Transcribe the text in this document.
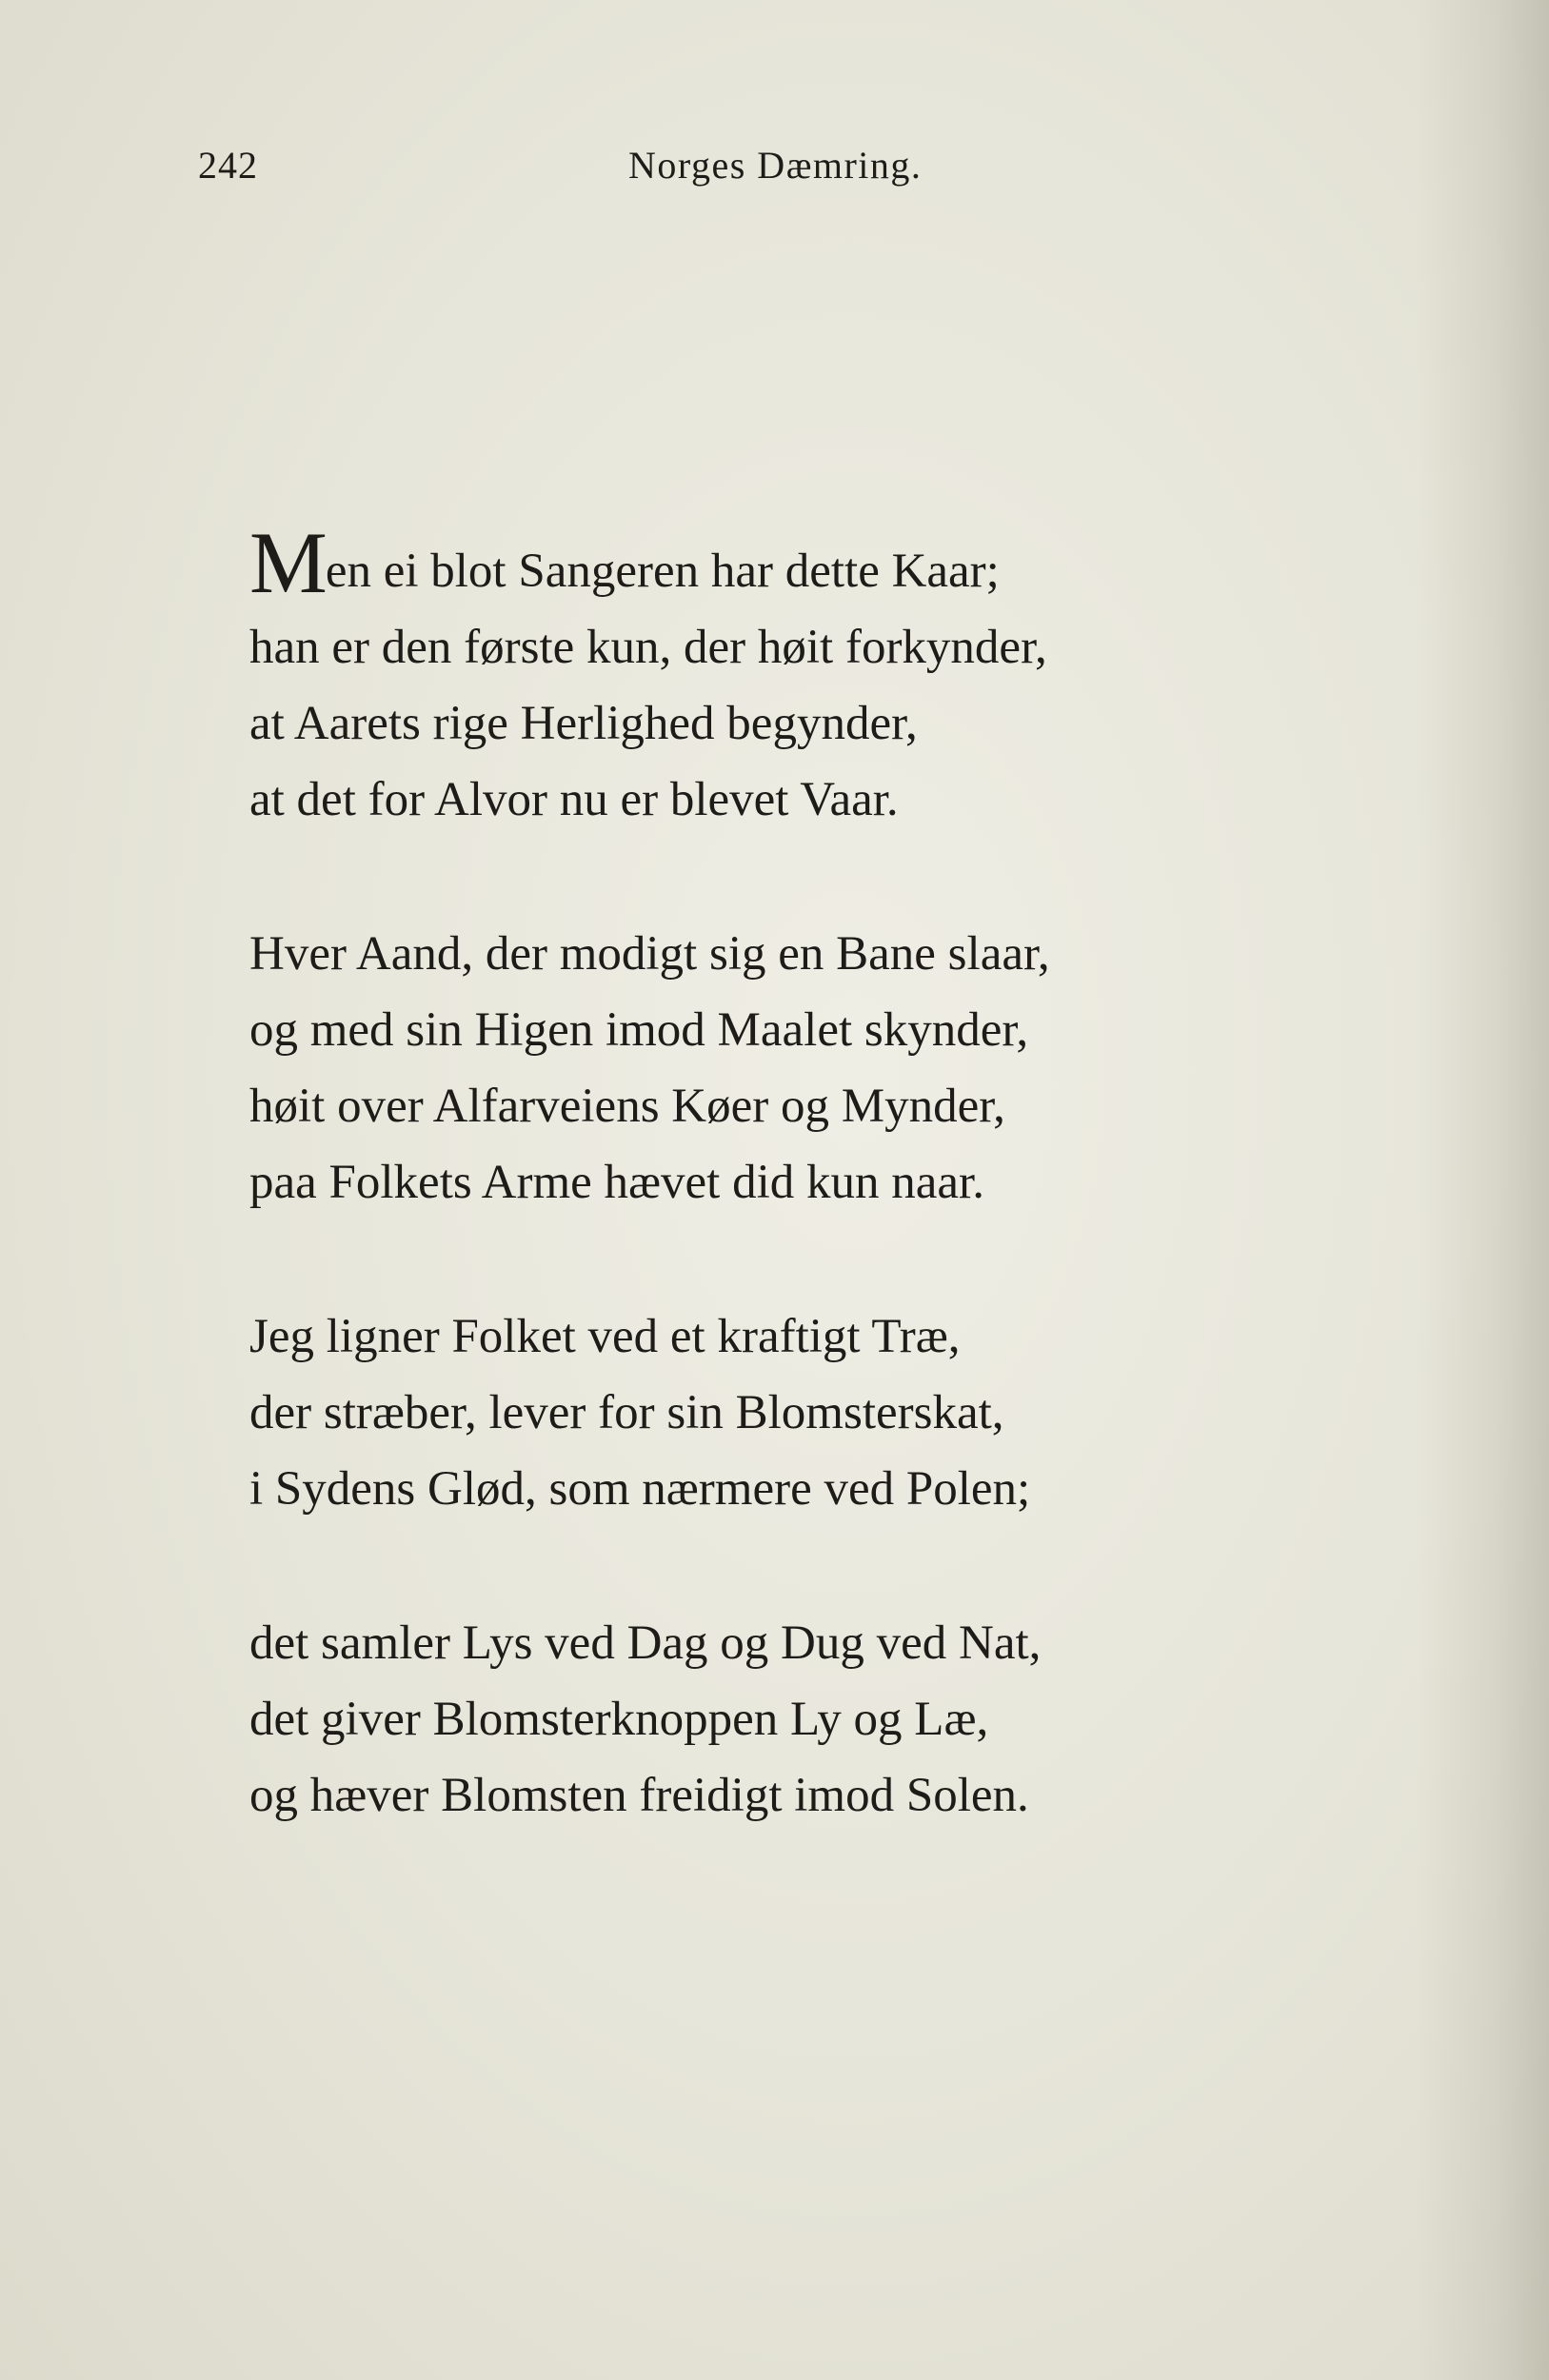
242	Norges Dæmring.
Men ei blot Sangeren har dette Kaar;
han er den første kun, der høit forkynder,
at Aarets rige Herlighed begynder,
at det for Alvor nu er blevet Vaar.
Hver Aand, der modigt sig en Bane slaar,
og med sin Higen imod Maalet skynder,
høit over Alfarveiens Køer og Mynder,
paa Folkets Arme hævet did kun naar.
Jeg ligner Folket ved et kraftigt Træ,
der stræber, lever for sin Blomsterskat,
i Sydens Glød, som nærmere ved Polen;
det samler Lys ved Dag og Dug ved Nat,
det giver Blomsterknoppen Ly og Læ,
og hæver Blomsten freidigt imod Solen.
